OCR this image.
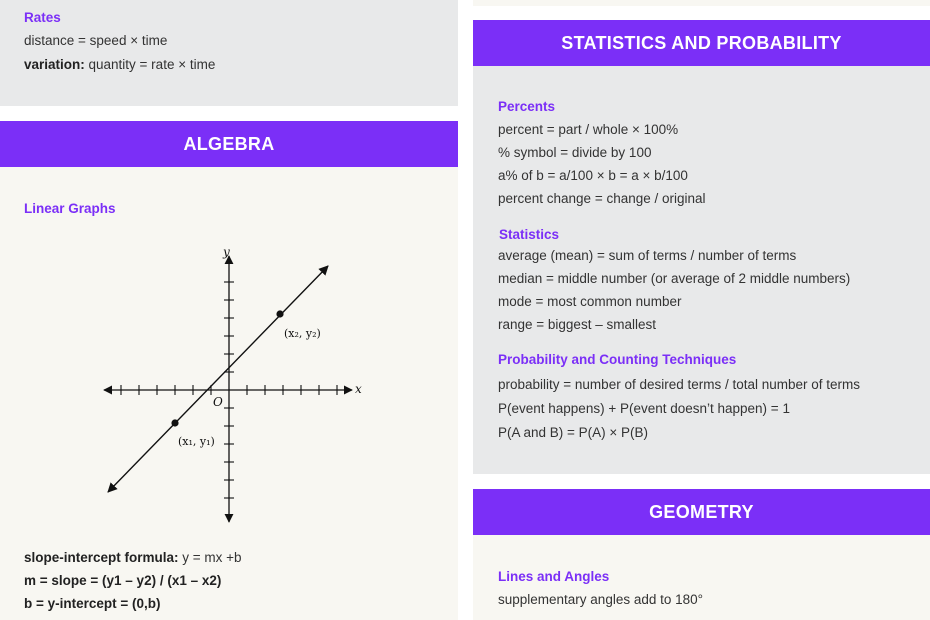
Rates
distance = speed × time
variation: quantity = rate × time
ALGEBRA
Linear Graphs
y
x
O
(x₁, y₁)
(x₂, y₂)
slope-intercept formula: y = mx +b
m = slope = (y1 – y2) / (x1 – x2)
b = y-intercept = (0,b)
STATISTICS AND PROBABILITY
Percents
percent = part / whole × 100%
% symbol = divide by 100
a% of b = a/100 × b = a × b/100
percent change = change / original
Statistics
average (mean) = sum of terms / number of terms
median = middle number (or average of 2 middle numbers)
mode = most common number
range = biggest – smallest
Probability and Counting Techniques
probability = number of desired terms / total number of terms
P(event happens) + P(event doesn’t happen) = 1
P(A and B) = P(A) × P(B)
GEOMETRY
Lines and Angles
supplementary angles add to 180°
